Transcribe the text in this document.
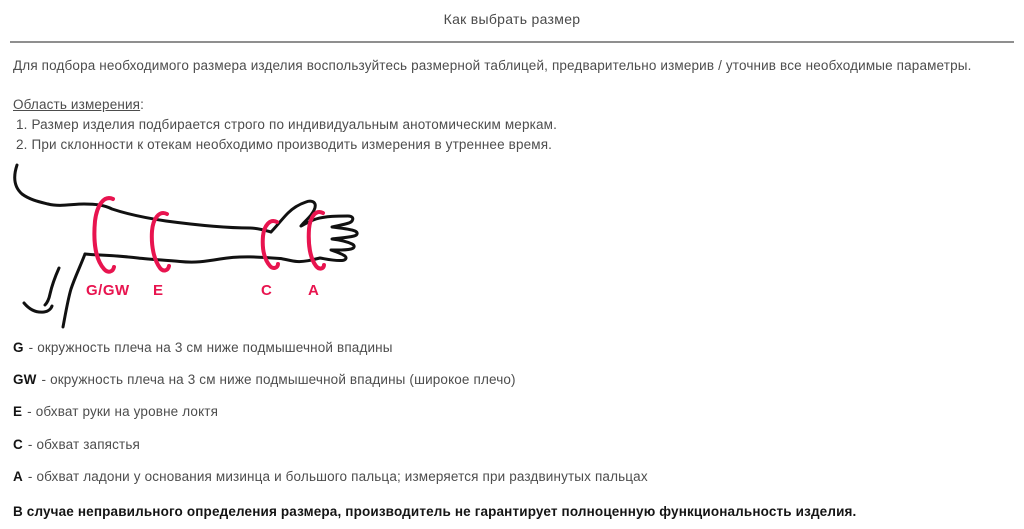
Как выбрать размер
Для подбора необходимого размера изделия воспользуйтесь размерной таблицей, предварительно измерив / уточнив все необходимые параметры.
Область измерения:
1. Размер изделия подбирается строго по индивидуальным анотомическим меркам.
2. При склонности к отекам необходимо производить измерения в утреннее время.
G/GW E	C A
G - окружность плеча на 3 см ниже подмышечной впадины
GW - окружность плеча на 3 см ниже подмышечной впадины (широкое плечо)
E - обхват руки на уровне локтя
C - обхват запястья
A - обхват ладони у основания мизинца и большого пальца; измеряется при раздвинутых пальцах
В случае неправильного определения размера, производитель не гарантирует полноценную функциональность изделия.
